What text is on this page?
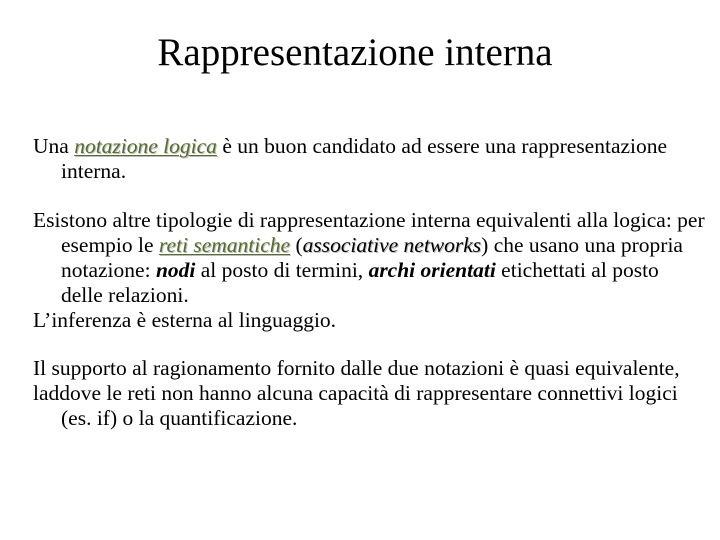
Rappresentazione interna

Una notazione logica è un buon candidato ad essere una rappresentazione interna.

Esistono altre tipologie di rappresentazione interna equivalenti alla logica: per esempio le reti semantiche (associative networks) che usano una propria notazione: nodi al posto di termini, archi orientati etichettati al posto delle relazioni.

L’inferenza è esterna al linguaggio.

Il supporto al ragionamento fornito dalle due notazioni è quasi equivalente,

laddove le reti non hanno alcuna capacità di rappresentare connettivi logici (es. if) o la quantificazione.
